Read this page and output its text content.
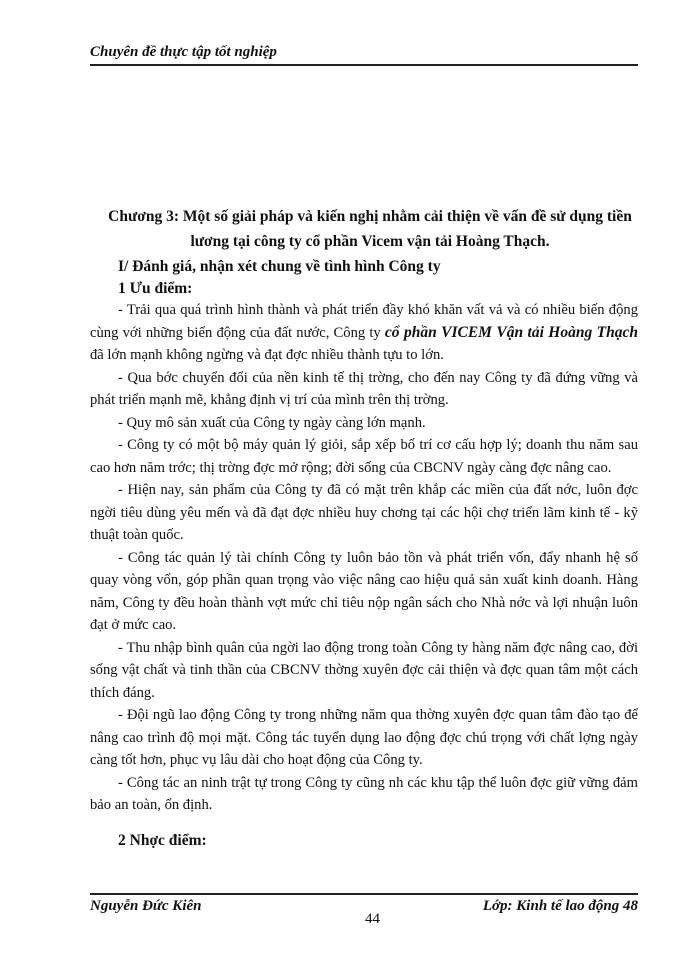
Chuyên đề thực tập tốt nghiệp
Chương 3: Một số giải pháp và kiến nghị nhằm cải thiện về vấn đề sử dụng tiền
lương tại công ty cổ phần Vicem vận tải Hoàng Thạch.
I/ Đánh giá, nhận xét chung về tình hình Công ty
1 Ưu điểm:

- Trải qua quá trình hình thành và phát triển đầy khó khăn vất vả và có nhiều biến động cùng với những biến động của đất nước, Công ty cổ phần VICEM Vận tải Hoàng Thạch đã lớn mạnh không ngừng và đạt đợc nhiều thành tựu to lớn.

- Qua bớc chuyển đổi của nền kinh tế thị trờng, cho đến nay Công ty đã đứng vững và phát triển mạnh mẽ, khẳng định vị trí của mình trên thị trờng.

- Quy mô sản xuất của Công ty ngày càng lớn mạnh.

- Công ty có một bộ máy quản lý giỏi, sắp xếp bố trí cơ cấu hợp lý; doanh thu năm sau cao hơn năm trớc; thị trờng đợc mở rộng; đời sống của CBCNV ngày càng đợc nâng cao.

- Hiện nay, sản phẩm của Công ty đã có mặt trên khắp các miền của đất nớc, luôn đợc ngời tiêu dùng yêu mến và đã đạt đợc nhiều huy chơng tại các hội chợ triển lãm kinh tế - kỹ thuật toàn quốc.

- Công tác quản lý tài chính Công ty luôn bảo tồn và phát triển vốn, đẩy nhanh hệ số quay vòng vốn, góp phần quan trọng vào việc nâng cao hiệu quả sản xuất kinh doanh. Hàng năm, Công ty đều hoàn thành vợt mức chỉ tiêu nộp ngân sách cho Nhà nớc và lợi nhuận luôn đạt ở mức cao.

- Thu nhập bình quân của ngời lao động trong toàn Công ty hàng năm đợc nâng cao, đời sống vật chất và tinh thần của CBCNV thờng xuyên đợc cải thiện và đợc quan tâm một cách thích đáng.

- Đội ngũ lao động Công ty trong những năm qua thờng xuyên đợc quan tâm đào tạo để nâng cao trình độ mọi mặt. Công tác tuyển dụng lao động đợc chú trọng với chất lợng ngày càng tốt hơn, phục vụ lâu dài cho hoạt động của Công ty.

- Công tác an ninh trật tự trong Công ty cũng nh các khu tập thể luôn đợc giữ vững đảm bảo an toàn, ổn định.

2 Nhợc điểm:
Nguyễn Đức Kiên
44
Lớp: Kinh tế lao động 48
